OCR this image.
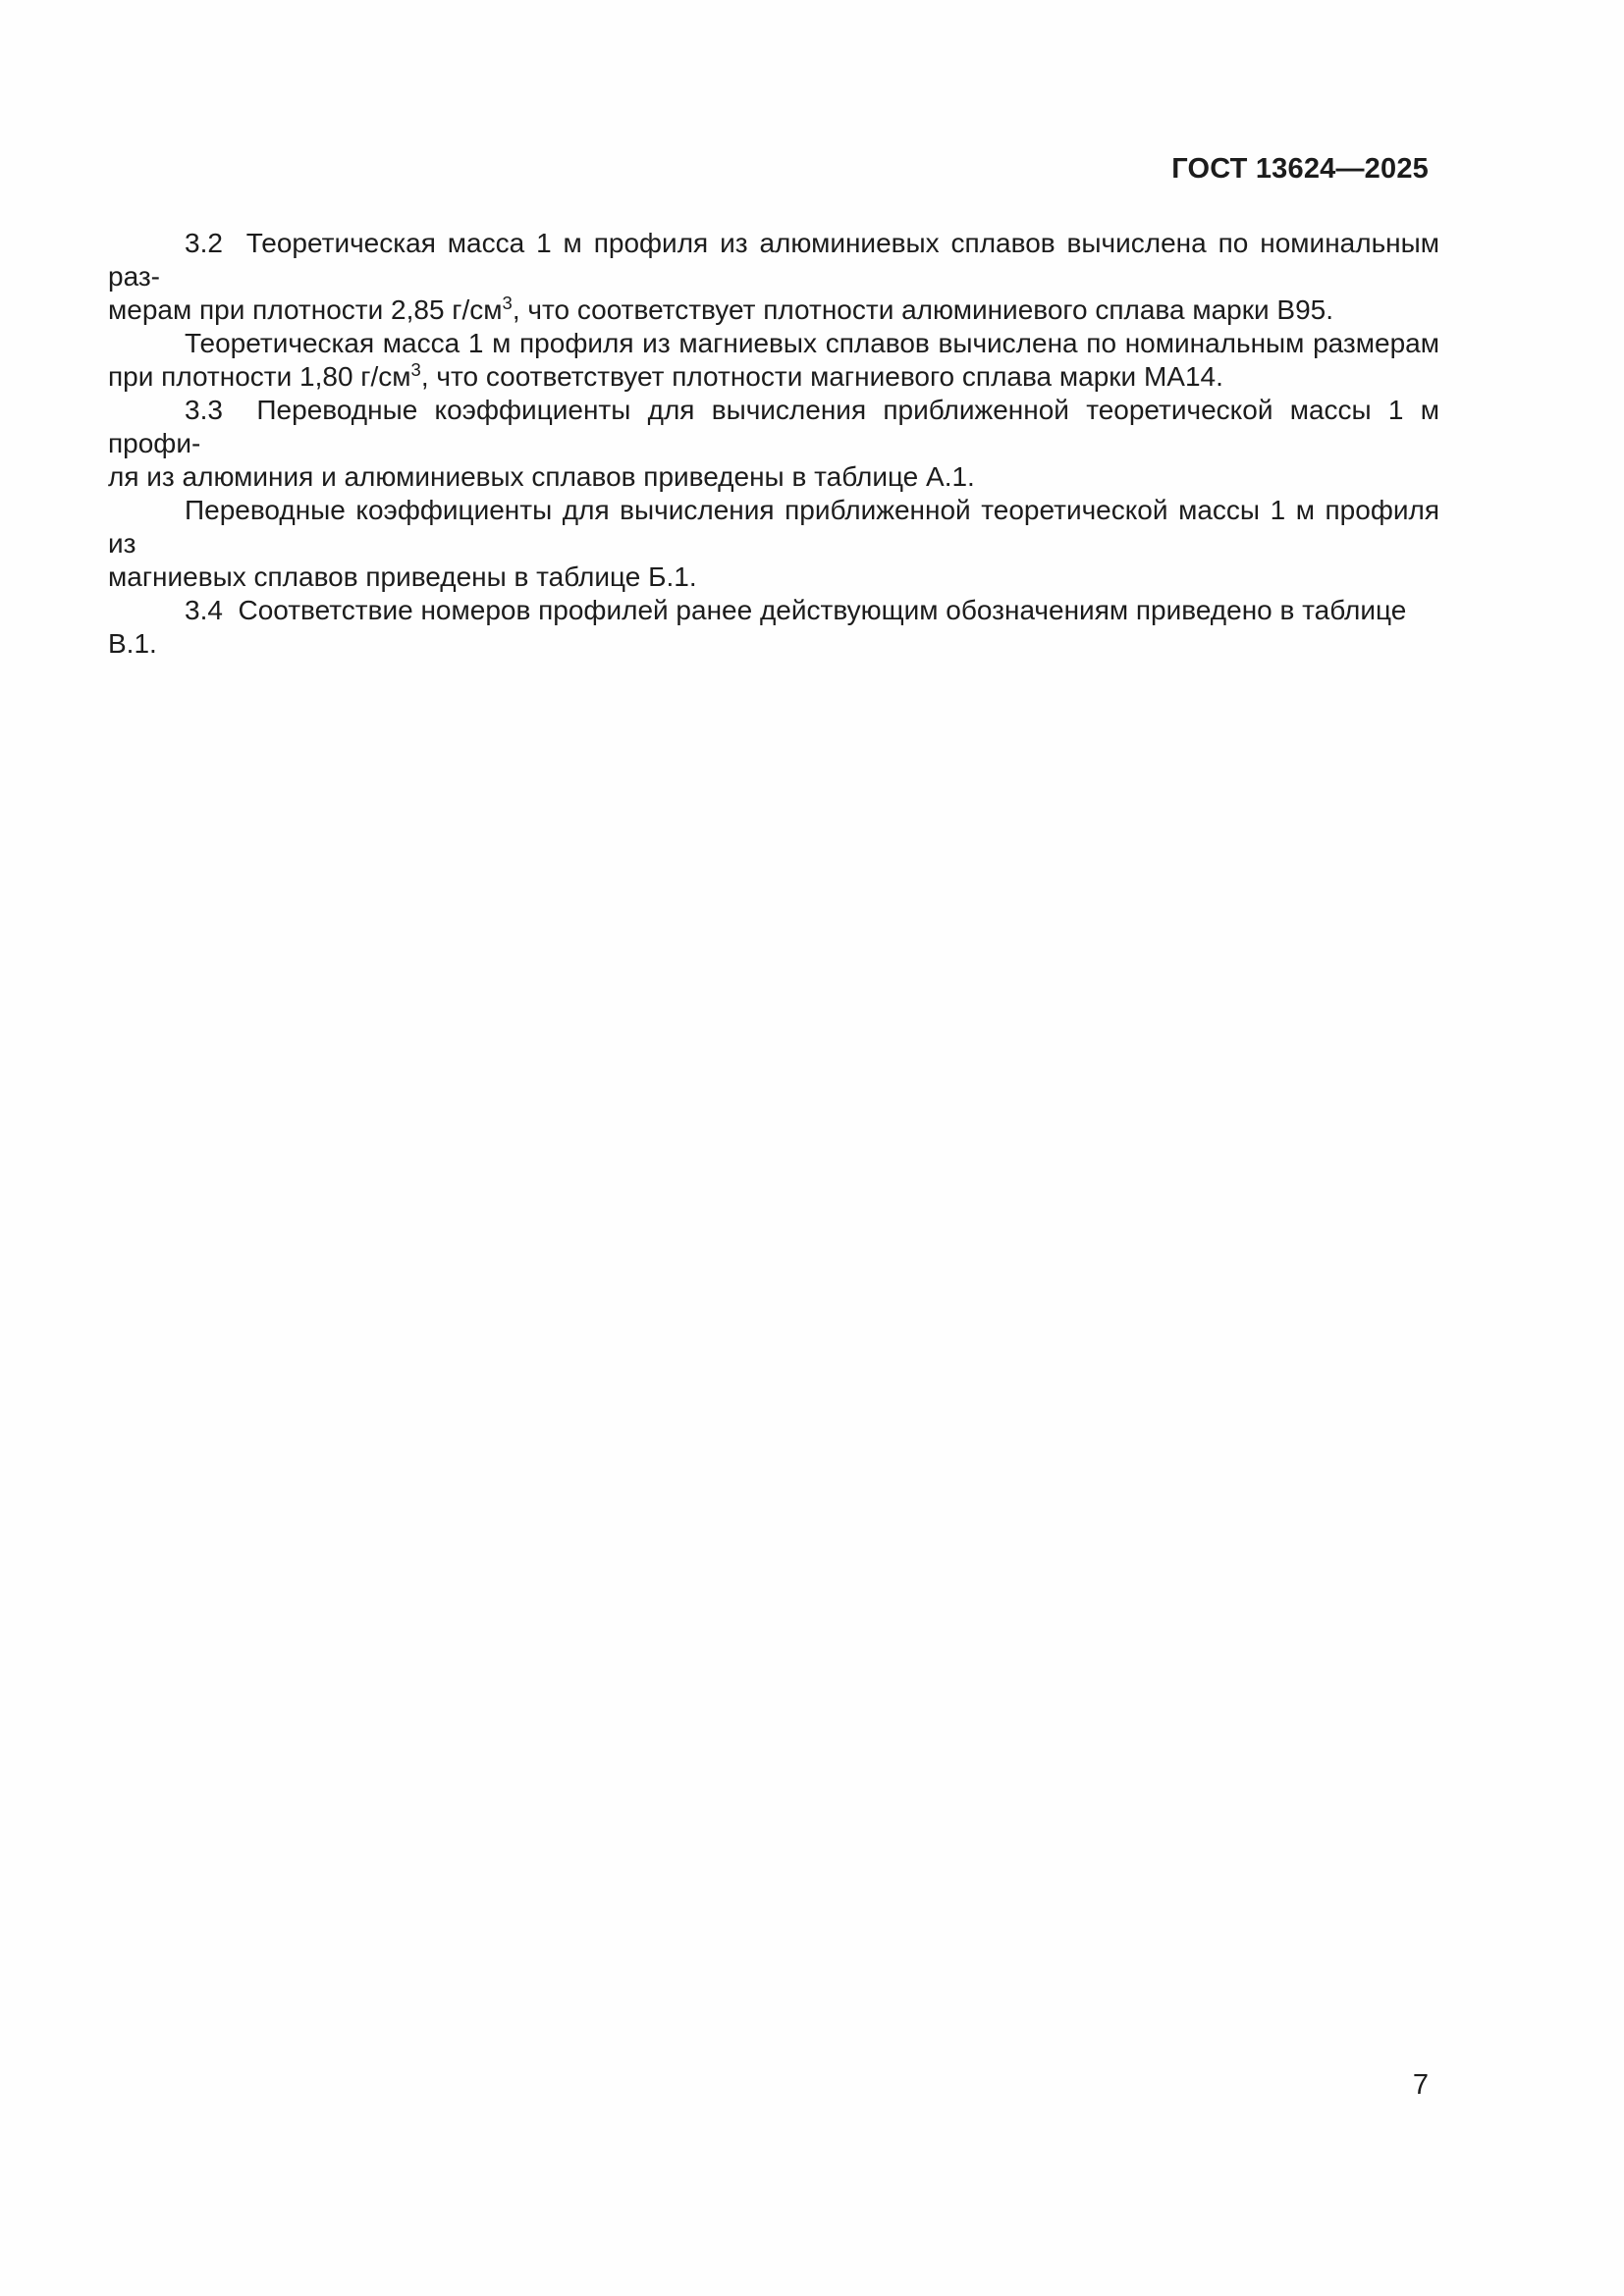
ГОСТ 13624—2025
3.2  Теоретическая масса 1 м профиля из алюминиевых сплавов вычислена по номинальным раз-
мерам при плотности 2,85 $г/см^3$, что соответствует плотности алюминиевого сплава марки В95.
Теоретическая масса 1 м профиля из магниевых сплавов вычислена по номинальным размерам
при плотности 1,80 $г/см^3$, что соответствует плотности магниевого сплава марки МА14.
3.3  Переводные коэффициенты для вычисления приближенной теоретической массы 1 м профи-
ля из алюминия и алюминиевых сплавов приведены в таблице А.1.
Переводные коэффициенты для вычисления приближенной теоретической массы 1 м профиля из
магниевых сплавов приведены в таблице Б.1.
3.4  Соответствие номеров профилей ранее действующим обозначениям приведено в таблице В.1.
7
